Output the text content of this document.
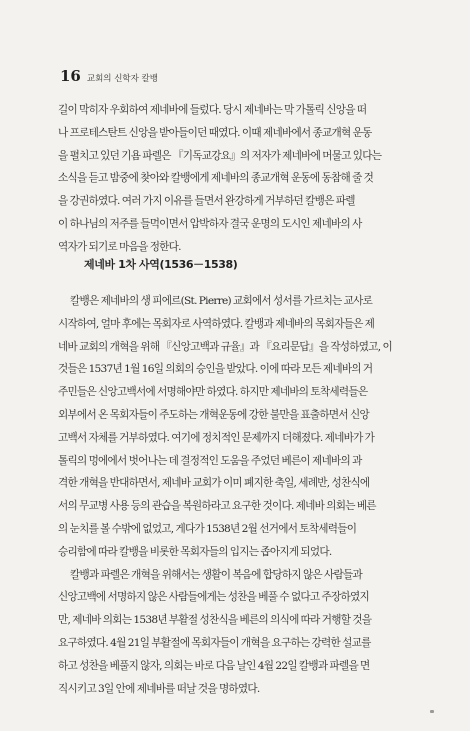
16 교회의 신학자 칼뱅
길이 막히자 우회하여 제네바에 들렀다. 당시 제네바는 막 가톨릭 신앙을 떠
나 프로테스탄트 신앙을 받아들이던 때였다. 이때 제네바에서 종교개혁 운동
을 펼치고 있던 기욤 파렐은 『기독교강요』의 저자가 제네바에 머물고 있다는
소식을 듣고 밤중에 찾아와 칼뱅에게 제네바의 종교개혁 운동에 동참해 줄 것
을 강권하였다. 여러 가지 이유를 들면서 완강하게 거부하던 칼뱅은 파렐
이 하나님의 저주를 들먹이면서 압박하자 결국 운명의 도시인 제네바의 사
역자가 되기로 마음을 정한다.
제네바 1차 사역(1536－1538)
칼뱅은 제네바의 생 피에르(St. Pierre) 교회에서 성서를 가르치는 교사로
시작하여, 얼마 후에는 목회자로 사역하였다. 칼뱅과 제네바의 목회자들은 제
네바 교회의 개혁을 위해 『신앙고백과 규율』과 『요리문답』을 작성하였고, 이
것들은 1537년 1월 16일 의회의 승인을 받았다. 이에 따라 모든 제네바의 거
주민들은 신앙고백서에 서명해야만 하였다. 하지만 제네바의 토착세력들은
외부에서 온 목회자들이 주도하는 개혁운동에 강한 불만을 표출하면서 신앙
고백서 자체를 거부하였다. 여기에 정치적인 문제까지 더해졌다. 제네바가 가
톨릭의 멍에에서 벗어나는 데 결정적인 도움을 주었던 베른이 제네바의 과
격한 개혁을 반대하면서, 제네바 교회가 이미 폐지한 축일, 세례반, 성찬식에
서의 무교병 사용 등의 관습을 복원하라고 요구한 것이다. 제네바 의회는 베른
의 눈치를 볼 수밖에 없었고, 게다가 1538년 2월 선거에서 토착세력들이
승리함에 따라 칼뱅을 비롯한 목회자들의 입지는 좁아지게 되었다.
칼뱅과 파렐은 개혁을 위해서는 생활이 복음에 합당하지 않은 사람들과
신앙고백에 서명하지 않은 사람들에게는 성찬을 베풀 수 없다고 주장하였지
만, 제네바 의회는 1538년 부활절 성찬식을 베른의 의식에 따라 거행할 것을
요구하였다. 4월 21일 부활절에 목회자들이 개혁을 요구하는 강력한 설교를
하고 성찬을 베풀지 않자, 의회는 바로 다음 날인 4월 22일 칼뱅과 파렐을 면
직시키고 3일 안에 제네바를 떠날 것을 명하였다.
